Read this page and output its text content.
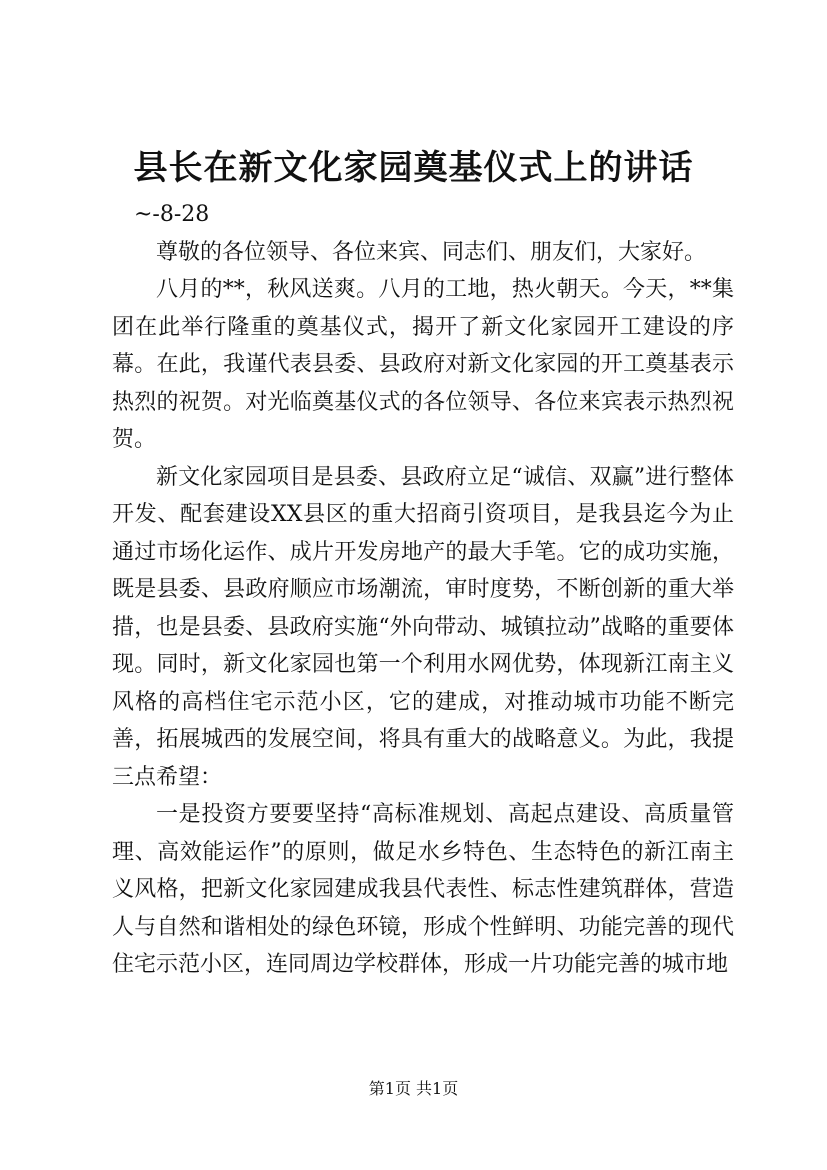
县长在新文化家园奠基仪式上的讲话

~-8-28

尊敬的各位领导、各位来宾、同志们、朋友们，大家好。

八月的**，秋风送爽。八月的工地，热火朝天。今天，**集团在此举行隆重的奠基仪式，揭开了新文化家园开工建设的序幕。在此，我谨代表县委、县政府对新文化家园的开工奠基表示热烈的祝贺。对光临奠基仪式的各位领导、各位来宾表示热烈祝贺。

新文化家园项目是县委、县政府立足“诚信、双赢”进行整体开发、配套建设XX县区的重大招商引资项目，是我县迄今为止通过市场化运作、成片开发房地产的最大手笔。它的成功实施，既是县委、县政府顺应市场潮流，审时度势，不断创新的重大举措，也是县委、县政府实施“外向带动、城镇拉动”战略的重要体现。同时，新文化家园也第一个利用水网优势，体现新江南主义风格的高档住宅示范小区，它的建成，对推动城市功能不断完善，拓展城西的发展空间，将具有重大的战略意义。为此，我提三点希望：

一是投资方要要坚持“高标准规划、高起点建设、高质量管理、高效能运作”的原则，做足水乡特色、生态特色的新江南主义风格，把新文化家园建成我县代表性、标志性建筑群体，营造人与自然和谐相处的绿色环镜，形成个性鲜明、功能完善的现代住宅示范小区，连同周边学校群体，形成一片功能完善的城市地

第1页 共1页
